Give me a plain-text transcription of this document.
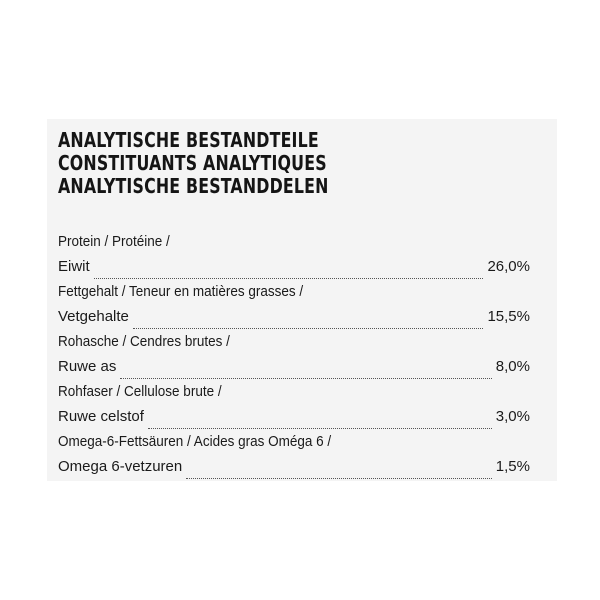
ANALYTISCHE BESTANDTEILE
CONSTITUANTS ANALYTIQUES
ANALYTISCHE BESTANDDELEN
Protein / Protéine /
Eiwit	26,0%
Fettgehalt / Teneur en matières grasses /
Vetgehalte	15,5%
Rohasche / Cendres brutes /
Ruwe as	8,0%
Rohfaser / Cellulose brute /
Ruwe celstof	3,0%
Omega-6-Fettsäuren / Acides gras Oméga 6 /
Omega 6-vetzuren	1,5%
